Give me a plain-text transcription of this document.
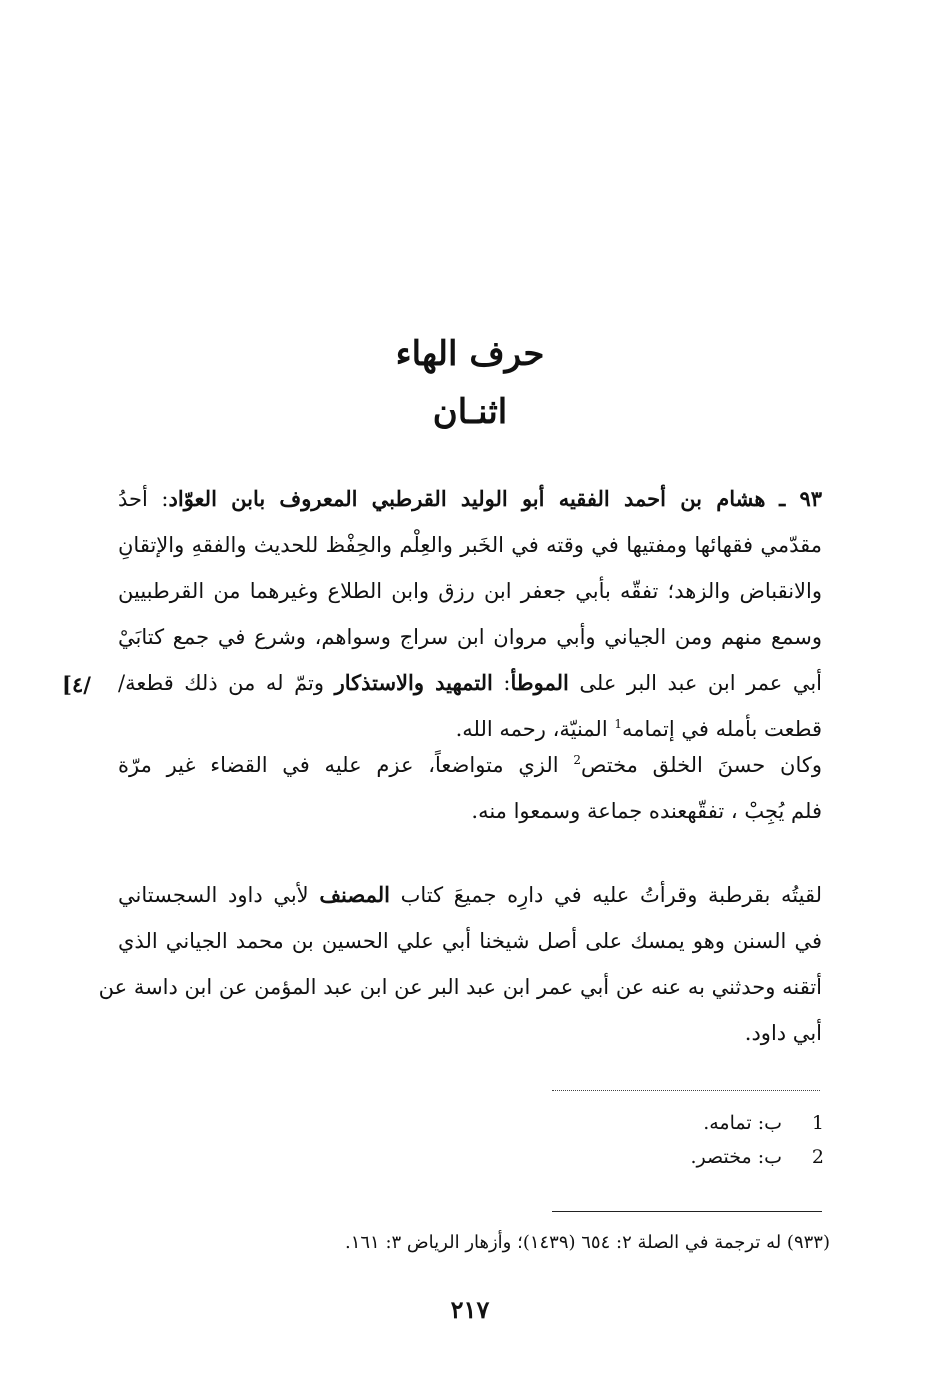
حرف الهاء
اثنـان
٩٣ ـ هشام بن أحمد الفقيه أبو الوليد القرطبي المعروف بابن العوّاد: أحدُ
مقدّمي فقهائها ومفتيها في وقته في الخَبر والعِلْم والحِفْظ للحديث والفقهِ والإتقانِ
والانقباض والزهد؛ تفقّه بأبي جعفر ابن رزق وابن الطلاع وغيرهما من القرطبيين
وسمع منهم ومن الجياني وأبي مروان ابن سراج وسواهم، وشرع في جمع كتابَيْ
أبي عمر ابن عبد البر على الموطأ: التمهيد والاستذكار وتمّ له من ذلك قطعة/
قطعت بأمله في إتمامه$^1$ المنيّة، رحمه الله.
[٤/
وكان حسنَ الخلق مختص$^2$ الزي متواضعاً، عزم عليه في القضاء غير مرّة
فلم يُجِبْ ، تفقّهعنده جماعة وسمعوا منه.
لقيتُه بقرطبة وقرأتُ عليه في دارِه جميعَ كتاب المصنف لأبي داود السجستاني
في السنن وهو يمسك على أصل شيخنا أبي علي الحسين بن محمد الجياني الذي
أتقنه وحدثني به عنه عن أبي عمر ابن عبد البر عن ابن عبد المؤمن عن ابن داسة عن
أبي داود.
1ب: تمامه.
2ب: مختصر.
(٩٣٣) له ترجمة في الصلة ٢: ٦٥٤ (١٤٣٩)؛ وأزهار الرياض ٣: ١٦١.
٢١٧
